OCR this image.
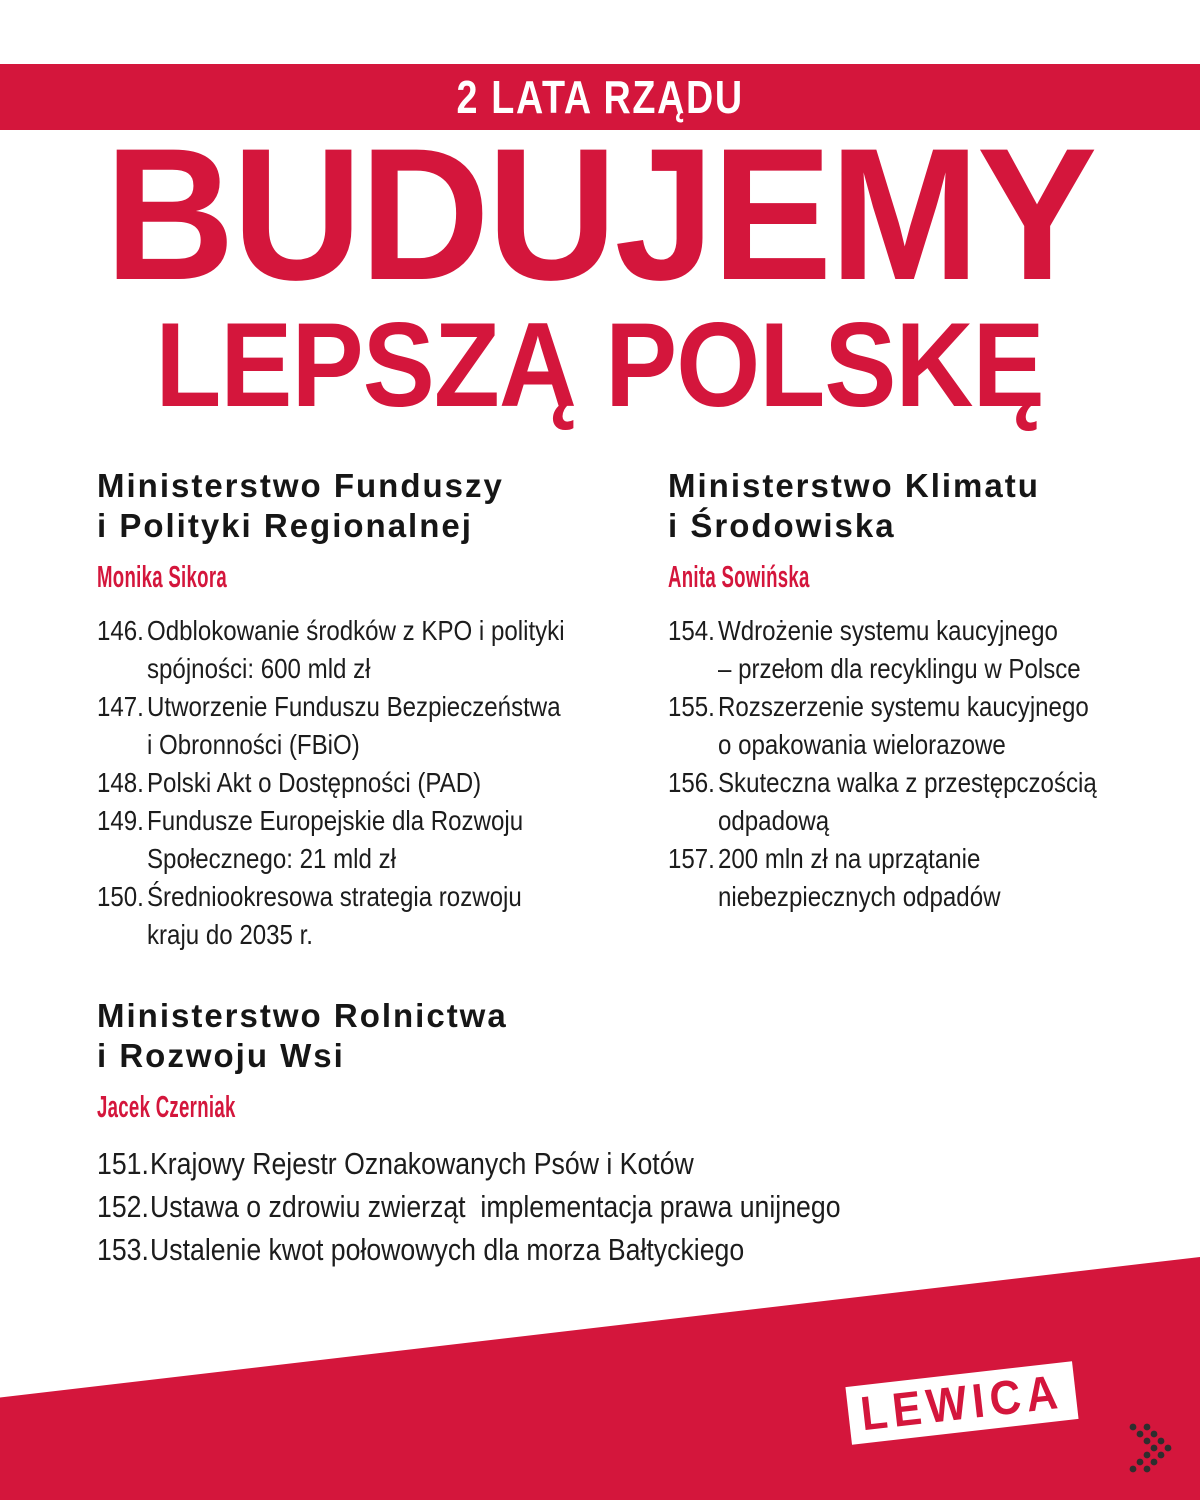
2 LATA RZĄDU
BUDUJEMY
LEPSZĄ POLSKĘ
Ministerstwo Funduszy
i Polityki Regionalnej
Monika Sikora
146. Odblokowanie środków z KPO i polityki
spójności: 600 mld zł
147. Utworzenie Funduszu Bezpieczeństwa
i Obronności (FBiO)
148. Polski Akt o Dostępności (PAD)
149. Fundusze Europejskie dla Rozwoju
Społecznego: 21 mld zł
150. Średniookresowa strategia rozwoju
kraju do 2035 r.
Ministerstwo Klimatu
i Środowiska
Anita Sowińska
154. Wdrożenie systemu kaucyjnego
– przełom dla recyklingu w Polsce
155. Rozszerzenie systemu kaucyjnego
o opakowania wielorazowe
156. Skuteczna walka z przestępczością
odpadową
157. 200 mln zł na uprzątanie
niebezpiecznych odpadów
Ministerstwo Rolnictwa
i Rozwoju Wsi
Jacek Czerniak
151. Krajowy Rejestr Oznakowanych Psów i Kotów
152. Ustawa o zdrowiu zwierząt  implementacja prawa unijnego
153. Ustalenie kwot połowowych dla morza Bałtyckiego
LEWICA
